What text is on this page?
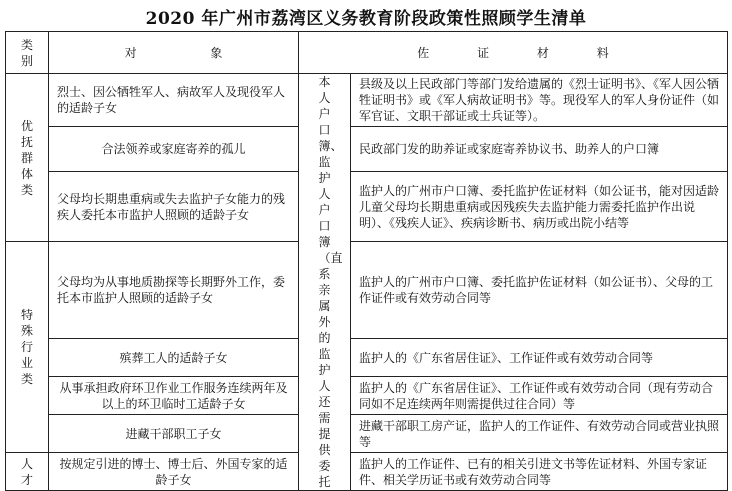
2020 年广州市荔湾区义务教育阶段政策性照顾学生清单
类别	对  象	佐 证 材 料	
优抚群体类	烈士、因公牺牲军人、病故军人及现役军人的适龄子女	本人户口簿、监护人户口簿（直系亲属外的监护人还需提供委托	县级及以上民政部门等部门发给遗属的《烈士证明书》、《军人因公牺牲证明书》或《军人病故证明书》等。现役军人的军人身份证件（如军官证、文职干部证或士兵证等）。
	合法领养或家庭寄养的孤儿		民政部门发的助养证或家庭寄养协议书、助养人的户口簿
	父母均长期患重病或失去监护子女能力的残疾人委托本市监护人照顾的适龄子女		监护人的广州市户口簿、委托监护佐证材料（如公证书，能对因适龄儿童父母均长期患重病或因残疾失去监护能力需委托监护作出说明）、《残疾人证》、疾病诊断书、病历或出院小结等
特殊行业类	父母均为从事地质勘探等长期野外工作，委托本市监护人照顾的适龄子女		监护人的广州市户口簿、委托监护佐证材料（如公证书）、父母的工作证件或有效劳动合同等
	殡葬工人的适龄子女		监护人的《广东省居住证》、工作证件或有效劳动合同等
	从事承担政府环卫作业工作服务连续两年及以上的环卫临时工适龄子女		监护人的《广东省居住证》、工作证件或有效劳动合同（现有劳动合同如不足连续两年则需提供过往合同）等
	进藏干部职工子女		进藏干部职工房产证，监护人的工作证件、有效劳动合同或营业执照等
人才	按规定引进的博士、博士后、外国专家的适龄子女		监护人的工作证件、已有的相关引进文书等佐证材料、外国专家证件、相关学历证书或有效劳动合同等
